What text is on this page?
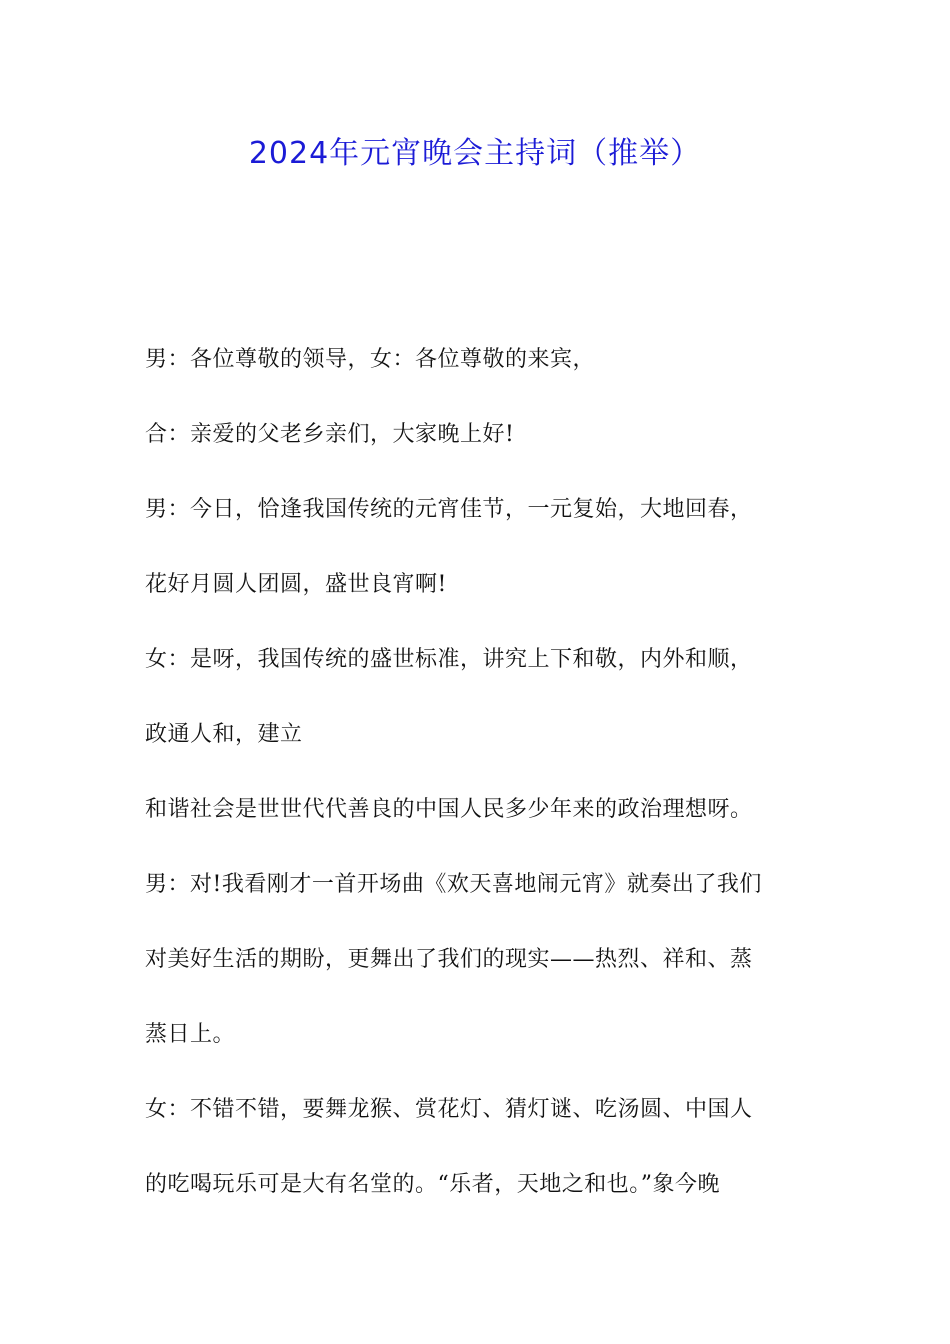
2024年元宵晚会主持词（推举）
男：各位尊敬的领导，女：各位尊敬的来宾，
合：亲爱的父老乡亲们，大家晚上好!
男：今日，恰逢我国传统的元宵佳节，一元复始，大地回春，
花好月圆人团圆，盛世良宵啊!
女：是呀，我国传统的盛世标准，讲究上下和敬，内外和顺，
政通人和，建立
和谐社会是世世代代善良的中国人民多少年来的政治理想呀。
男：对!我看刚才一首开场曲《欢天喜地闹元宵》就奏出了我们
对美好生活的期盼，更舞出了我们的现实——热烈、祥和、蒸
蒸日上。
女：不错不错，要舞龙猴、赏花灯、猜灯谜、吃汤圆、中国人
的吃喝玩乐可是大有名堂的。“乐者，天地之和也。”象今晚
